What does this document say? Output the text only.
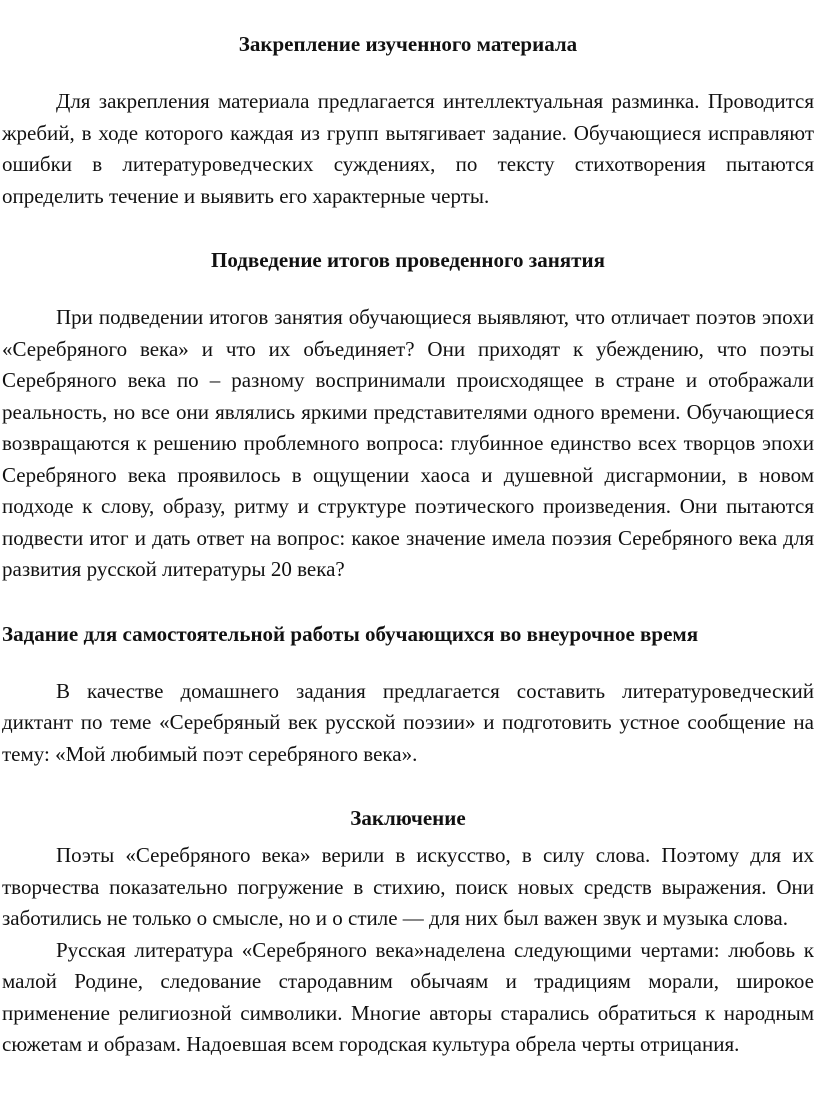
Закрепление изученного материала

Для закрепления материала предлагается интеллектуальная разминка. Проводится жребий, в ходе которого каждая из групп вытягивает задание. Обучающиеся исправляют ошибки в литературоведческих суждениях, по тексту стихотворения пытаются определить течение и выявить его характерные черты.

Подведение итогов проведенного занятия

При подведении итогов занятия обучающиеся выявляют, что отличает поэтов эпохи «Серебряного века» и что их объединяет? Они приходят к убеждению, что поэты Серебряного века по – разному воспринимали происходящее в стране и отображали реальность, но все они являлись яркими представителями одного времени. Обучающиеся возвращаются к решению проблемного вопроса: глубинное единство всех творцов эпохи Серебряного века проявилось в ощущении хаоса и душевной дисгармонии, в новом подходе к слову, образу, ритму и структуре поэтического произведения. Они пытаются подвести итог и дать ответ на вопрос: какое значение имела поэзия Серебряного века для развития русской литературы 20 века?

Задание для самостоятельной работы обучающихся во внеурочное время

В качестве домашнего задания предлагается составить литературоведческий диктант по теме «Серебряный век русской поэзии» и подготовить устное сообщение на тему: «Мой любимый поэт серебряного века».

Заключение

Поэты «Серебряного века» верили в искусство, в силу слова. Поэтому для их творчества показательно погружение в стихию, поиск новых средств выражения. Они заботились не только о смысле, но и о стиле — для них был важен звук и музыка слова.

Русская литература «Серебряного века»наделена следующими чертами: любовь к малой Родине, следование стародавним обычаям и традициям морали, широкое применение религиозной символики. Многие авторы старались обратиться к народным сюжетам и образам. Надоевшая всем городская культура обрела черты отрицания.
